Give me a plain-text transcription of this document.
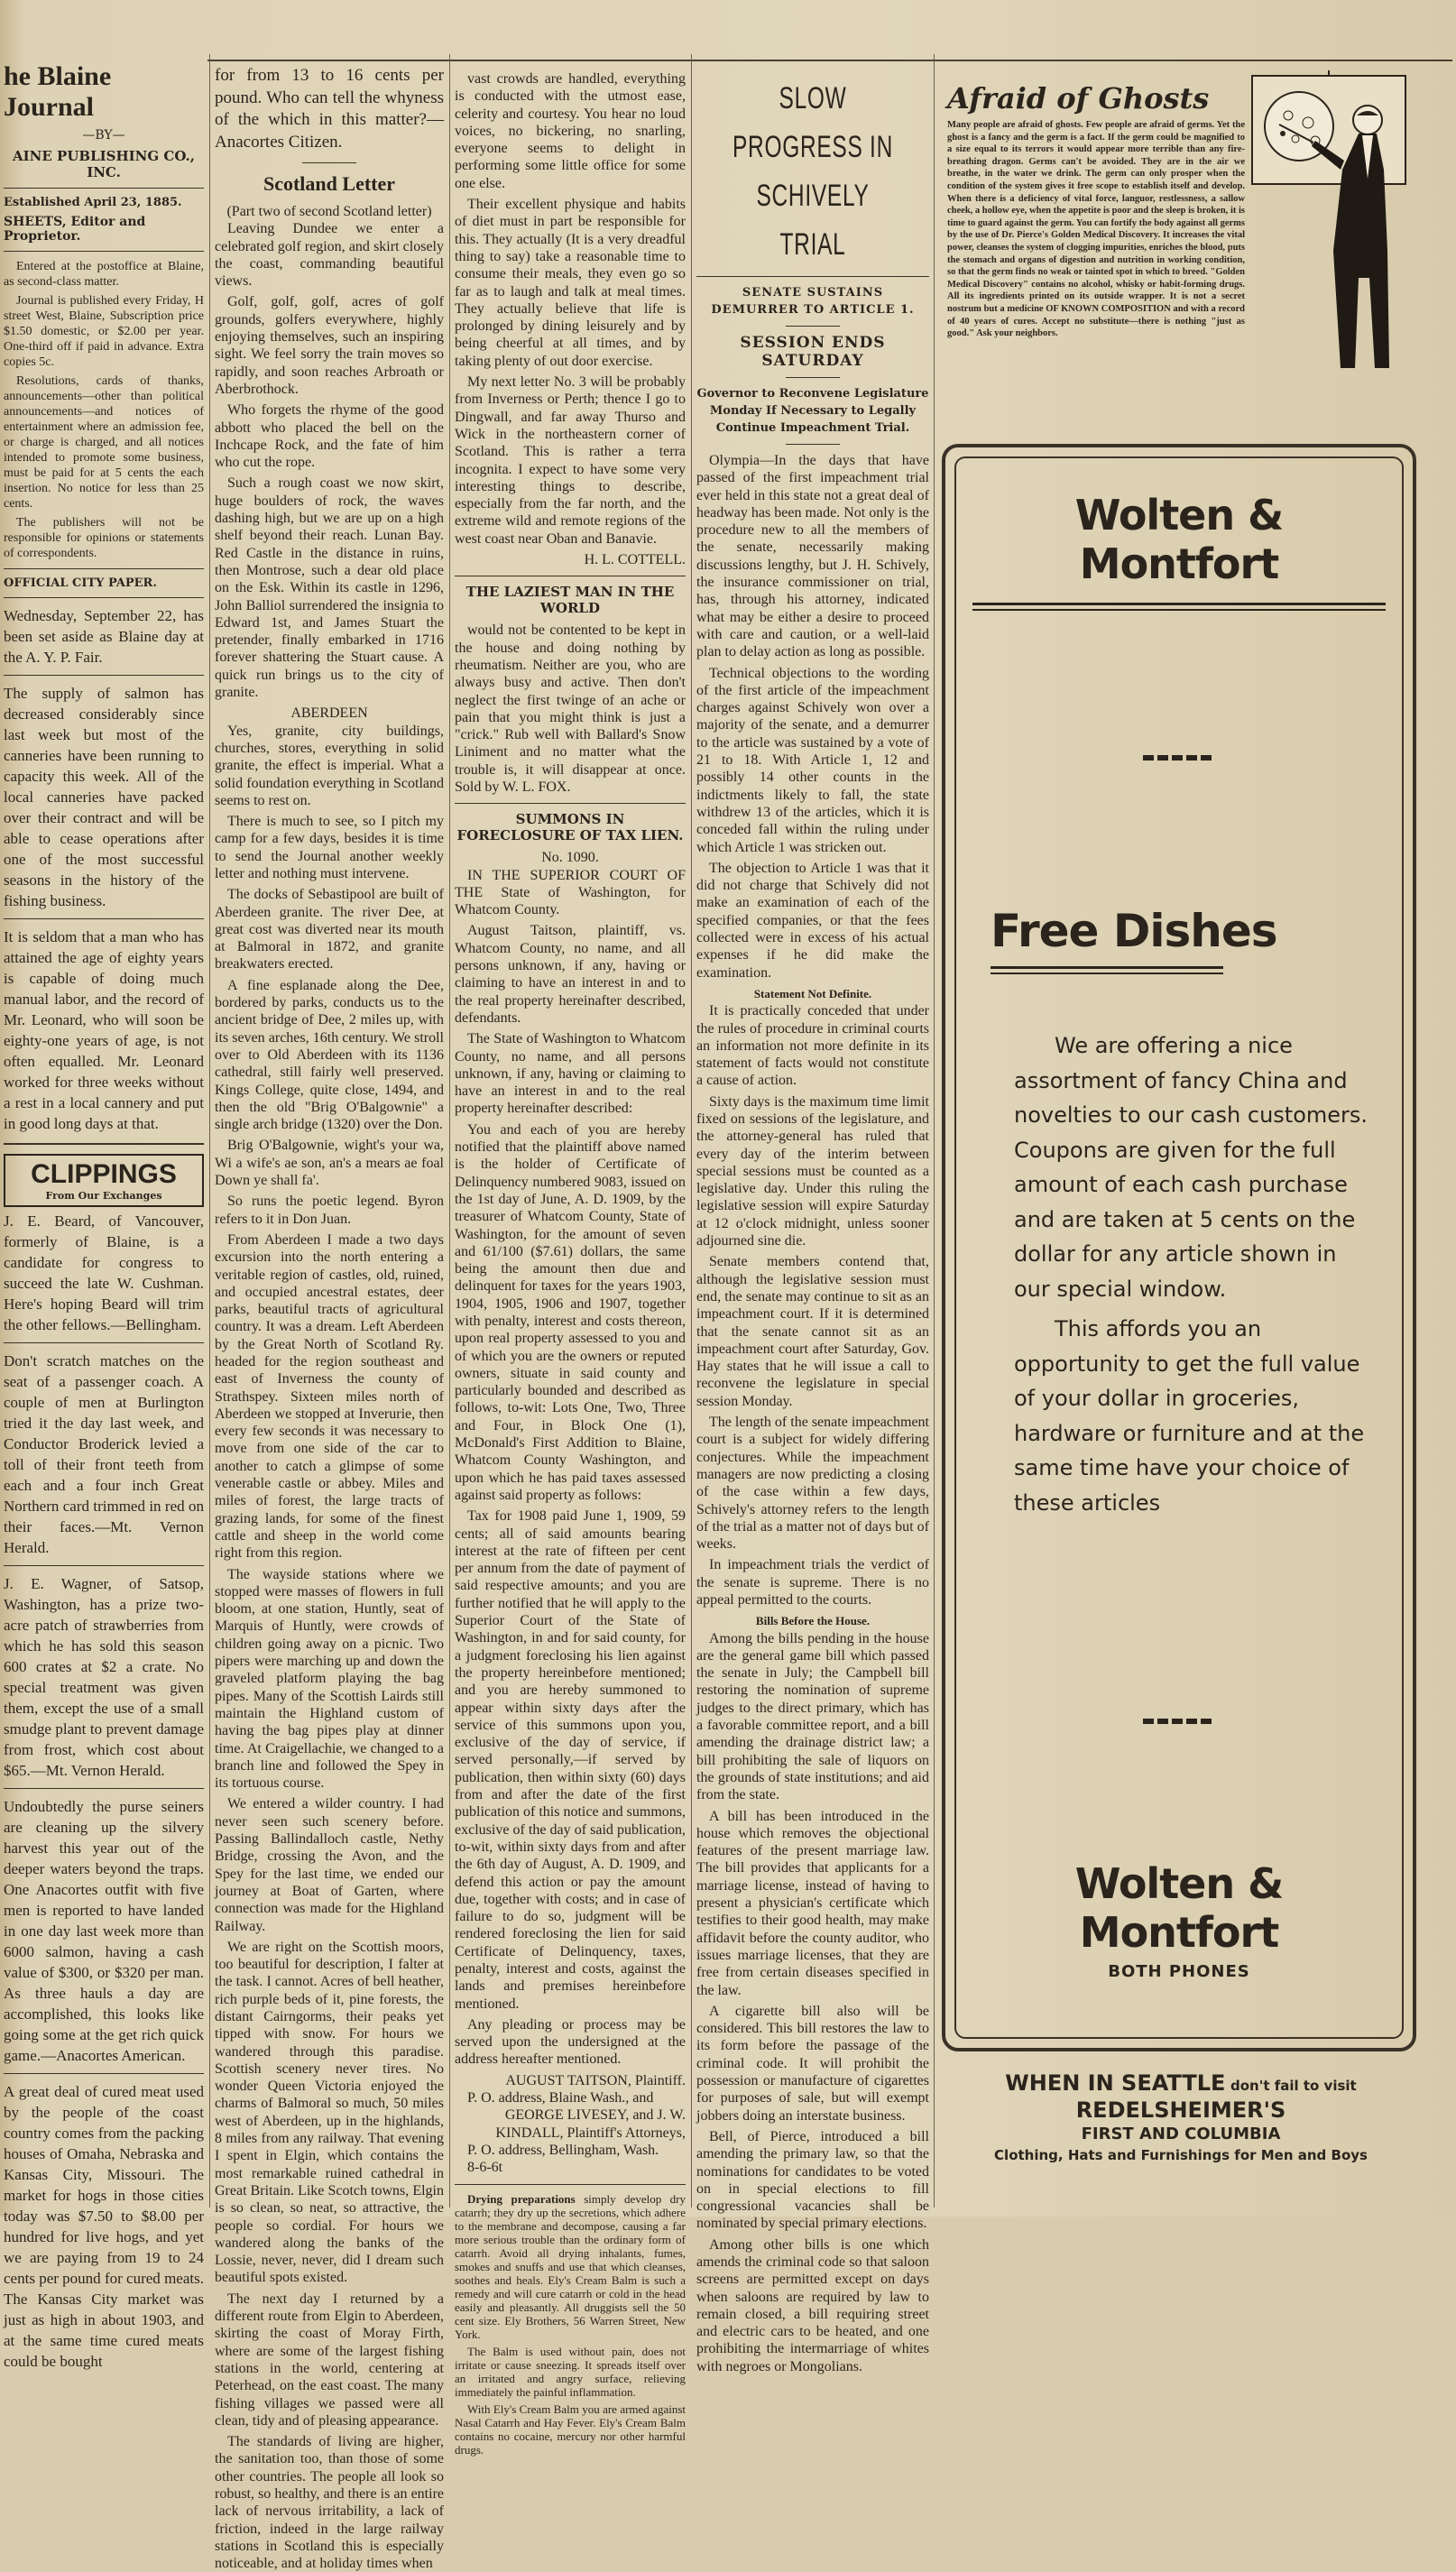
he Blaine Journal
—BY—
AINE PUBLISHING CO., INC.
Established April 23, 1885.
SHEETS, Editor and Proprietor.

Entered at the postoffice at Blaine, as second-class matter.

Journal is published every Friday, H street West, Blaine, Subscription price $1.50 domestic, or $2.00 per year. One-third off if paid in advance. Extra copies 5c.

Resolutions, cards of thanks, announcements—other than political announcements—and notices of entertainment where an admission fee, or charge is charged, and all notices intended to promote some business, must be paid for at 5 cents the each insertion. No notice for less than 25 cents.

The publishers will not be responsible for opinions or statements of correspondents.

OFFICIAL CITY PAPER.

Wednesday, September 22, has been set aside as Blaine day at the A. Y. P. Fair.

The supply of salmon has decreased considerably since last week but most of the canneries have been running to capacity this week. All of the local canneries have packed over their contract and will be able to cease operations after one of the most successful seasons in the history of the fishing business.

It is seldom that a man who has attained the age of eighty years is capable of doing much manual labor, and the record of Mr. Leonard, who will soon be eighty-one years of age, is not often equalled. Mr. Leonard worked for three weeks without a rest in a local cannery and put in good long days at that.

CLIPPINGS
From Our Exchanges

J. E. Beard, of Vancouver, formerly of Blaine, is a candidate for congress to succeed the late W. Cushman. Here's hoping Beard will trim the other fellows.—Bellingham.

Don't scratch matches on the seat of a passenger coach. A couple of men at Burlington tried it the day last week, and Conductor Broderick levied a toll of their front teeth from each and a four inch Great Northern card trimmed in red on their faces.—Mt. Vernon Herald.

J. E. Wagner, of Satsop, Washington, has a prize two-acre patch of strawberries from which he has sold this season 600 crates at $2 a crate. No special treatment was given them, except the use of a small smudge plant to prevent damage from frost, which cost about $65.—Mt. Vernon Herald.

Undoubtedly the purse seiners are cleaning up the silvery harvest this year out of the deeper waters beyond the traps. One Anacortes outfit with five men is reported to have landed in one day last week more than 6000 salmon, having a cash value of $300, or $320 per man. As three hauls a day are accomplished, this looks like going some at the get rich quick game.—Anacortes American.

A great deal of cured meat used by the people of the coast country comes from the packing houses of Omaha, Nebraska and Kansas City, Missouri. The market for hogs in those cities today was $7.50 to $8.00 per hundred for live hogs, and yet we are paying from 19 to 24 cents per pound for cured meats. The Kansas City market was just as high in about 1903, and at the same time cured meats could be bought

for from 13 to 16 cents per pound. Who can tell the whyness of the which in this matter?—Anacortes Citizen.

Scotland Letter
(Part two of second Scotland letter)

Leaving Dundee we enter a celebrated golf region, and skirt closely the coast, commanding beautiful views.

Golf, golf, golf, acres of golf grounds, golfers everywhere, highly enjoying themselves, such an inspiring sight. We feel sorry the train moves so rapidly, and soon reaches Arbroath or Aberbrothock.

Who forgets the rhyme of the good abbott who placed the bell on the Inchcape Rock, and the fate of him who cut the rope.

Such a rough coast we now skirt, huge boulders of rock, the waves dashing high, but we are up on a high shelf beyond their reach. Lunan Bay. Red Castle in the distance in ruins, then Montrose, such a dear old place on the Esk. Within its castle in 1296, John Balliol surrendered the insignia to Edward 1st, and James Stuart the pretender, finally embarked in 1716 forever shattering the Stuart cause. A quick run brings us to the city of granite.

ABERDEEN

Yes, granite, city buildings, churches, stores, everything in solid granite, the effect is imperial. What a solid foundation everything in Scotland seems to rest on.

There is much to see, so I pitch my camp for a few days, besides it is time to send the Journal another weekly letter and nothing must intervene.

The docks of Sebastipool are built of Aberdeen granite. The river Dee, at great cost was diverted near its mouth at Balmoral in 1872, and granite breakwaters erected.

A fine esplanade along the Dee, bordered by parks, conducts us to the ancient bridge of Dee, 2 miles up, with its seven arches, 16th century. We stroll over to Old Aberdeen with its 1136 cathedral, still fairly well preserved. Kings College, quite close, 1494, and then the old "Brig O'Balgownie" a single arch bridge (1320) over the Don.

Brig O'Balgownie, wight's your wa, Wi a wife's ae son, an's a mears ae foal Down ye shall fa'.

So runs the poetic legend. Byron refers to it in Don Juan.

From Aberdeen I made a two days excursion into the north entering a veritable region of castles, old, ruined, and occupied ancestral estates, deer parks, beautiful tracts of agricultural country. It was a dream. Left Aberdeen by the Great North of Scotland Ry. headed for the region southeast and east of Inverness the county of Strathspey. Sixteen miles north of Aberdeen we stopped at Inverurie, then every few seconds it was necessary to move from one side of the car to another to catch a glimpse of some venerable castle or abbey. Miles and miles of forest, the large tracts of grazing lands, for some of the finest cattle and sheep in the world come right from this region.

The wayside stations where we stopped were masses of flowers in full bloom, at one station, Huntly, seat of Marquis of Huntly, were crowds of children going away on a picnic. Two pipers were marching up and down the graveled platform playing the bag pipes. Many of the Scottish Lairds still maintain the Highland custom of having the bag pipes play at dinner time. At Craigellachie, we changed to a branch line and followed the Spey in its tortuous course.

We entered a wilder country. I had never seen such scenery before. Passing Ballindalloch castle, Nethy Bridge, crossing the Avon, and the Spey for the last time, we ended our journey at Boat of Garten, where connection was made for the Highland Railway.

We are right on the Scottish moors, too beautiful for description, I falter at the task. I cannot. Acres of bell heather, rich purple beds of it, pine forests, the distant Cairngorms, their peaks yet tipped with snow. For hours we wandered through this paradise. Scottish scenery never tires. No wonder Queen Victoria enjoyed the charms of Balmoral so much, 50 miles west of Aberdeen, up in the highlands, 8 miles from any railway. That evening I spent in Elgin, which contains the most remarkable ruined cathedral in Great Britain. Like Scotch towns, Elgin is so clean, so neat, so attractive, the people so cordial. For hours we wandered along the banks of the Lossie, never, never, did I dream such beautiful spots existed.

The next day I returned by a different route from Elgin to Aberdeen, skirting the coast of Moray Firth, where are some of the largest fishing stations in the world, centering at Peterhead, on the east coast. The many fishing villages we passed were all clean, tidy and of pleasing appearance.

The standards of living are higher, the sanitation too, than those of some other countries. The people all look so robust, so healthy, and there is an entire lack of nervous irritability, a lack of friction, indeed in the large railway stations in Scotland this is especially noticeable, and at holiday times when

vast crowds are handled, everything is conducted with the utmost ease, celerity and courtesy. You hear no loud voices, no bickering, no snarling, everyone seems to delight in performing some little office for some one else.

Their excellent physique and habits of diet must in part be responsible for this. They actually (It is a very dreadful thing to say) take a reasonable time to consume their meals, they even go so far as to laugh and talk at meal times. They actually believe that life is prolonged by dining leisurely and by being cheerful at all times, and by taking plenty of out door exercise.

My next letter No. 3 will be probably from Inverness or Perth; thence I go to Dingwall, and far away Thurso and Wick in the northeastern corner of Scotland. This is rather a terra incognita. I expect to have some very interesting things to describe, especially from the far north, and the extreme wild and remote regions of the west coast near Oban and Banavie.

H. L. COTTELL.
THE LAZIEST MAN IN THE WORLD

would not be contented to be kept in the house and doing nothing by rheumatism. Neither are you, who are always busy and active. Then don't neglect the first twinge of an ache or pain that you might think is just a "crick." Rub well with Ballard's Snow Liniment and no matter what the trouble is, it will disappear at once. Sold by W. L. FOX.

SUMMONS IN FORECLOSURE OF TAX LIEN.
No. 1090.

IN THE SUPERIOR COURT OF THE State of Washington, for Whatcom County.

August Taitson, plaintiff, vs. Whatcom County, no name, and all persons unknown, if any, having or claiming to have an interest in and to the real property hereinafter described, defendants.

The State of Washington to Whatcom County, no name, and all persons unknown, if any, having or claiming to have an interest in and to the real property hereinafter described:

You and each of you are hereby notified that the plaintiff above named is the holder of Certificate of Delinquency numbered 9083, issued on the 1st day of June, A. D. 1909, by the treasurer of Whatcom County, State of Washington, for the amount of seven and 61/100 ($7.61) dollars, the same being the amount then due and delinquent for taxes for the years 1903, 1904, 1905, 1906 and 1907, together with penalty, interest and costs thereon, upon real property assessed to you and of which you are the owners or reputed owners, situate in said county and particularly bounded and described as follows, to-wit: Lots One, Two, Three and Four, in Block One (1), McDonald's First Addition to Blaine, Whatcom County Washington, and upon which he has paid taxes assessed against said property as follows:

Tax for 1908 paid June 1, 1909, 59 cents; all of said amounts bearing interest at the rate of fifteen per cent per annum from the date of payment of said respective amounts; and you are further notified that he will apply to the Superior Court of the State of Washington, in and for said county, for a judgment foreclosing his lien against the property hereinbefore mentioned; and you are hereby summoned to appear within sixty days after the service of this summons upon you, exclusive of the day of service, if served personally,—if served by publication, then within sixty (60) days from and after the date of the first publication of this notice and summons, exclusive of the day of said publication, to-wit, within sixty days from and after the 6th day of August, A. D. 1909, and defend this action or pay the amount due, together with costs; and in case of failure to do so, judgment will be rendered foreclosing the lien for said Certificate of Delinquency, taxes, penalty, interest and costs, against the lands and premises hereinbefore mentioned.

Any pleading or process may be served upon the undersigned at the address hereafter mentioned.

AUGUST TAITSON, Plaintiff.
P. O. address, Blaine Wash., and
GEORGE LIVESEY, and J. W. KINDALL, Plaintiff's Attorneys,
P. O. address, Bellingham, Wash.
8-6-6t

Drying preparations simply develop dry catarrh; they dry up the secretions, which adhere to the membrane and decompose, causing a far more serious trouble than the ordinary form of catarrh. Avoid all drying inhalants, fumes, smokes and snuffs and use that which cleanses, soothes and heals. Ely's Cream Balm is such a remedy and will cure catarrh or cold in the head easily and pleasantly. All druggists sell the 50 cent size. Ely Brothers, 56 Warren Street, New York.

The Balm is used without pain, does not irritate or cause sneezing. It spreads itself over an irritated and angry surface, relieving immediately the painful inflammation.

With Ely's Cream Balm you are armed against Nasal Catarrh and Hay Fever. Ely's Cream Balm contains no cocaine, mercury nor other harmful drugs.

SLOW PROGRESS IN
SCHIVELY TRIAL
SENATE SUSTAINS DEMURRER TO ARTICLE 1.
SESSION ENDS SATURDAY
Governor to Reconvene Legislature Monday If Necessary to Legally Continue Impeachment Trial.

Olympia—In the days that have passed of the first impeachment trial ever held in this state not a great deal of headway has been made. Not only is the procedure new to all the members of the senate, necessarily making discussions lengthy, but J. H. Schively, the insurance commissioner on trial, has, through his attorney, indicated what may be either a desire to proceed with care and caution, or a well-laid plan to delay action as long as possible.

Technical objections to the wording of the first article of the impeachment charges against Schively won over a majority of the senate, and a demurrer to the article was sustained by a vote of 21 to 18. With Article 1, 12 and possibly 14 other counts in the indictments likely to fall, the state withdrew 13 of the articles, which it is conceded fall within the ruling under which Article 1 was stricken out.

The objection to Article 1 was that it did not charge that Schively did not make an examination of each of the specified companies, or that the fees collected were in excess of his actual expenses if he did make the examination.

Statement Not Definite.

It is practically conceded that under the rules of procedure in criminal courts an information not more definite in its statement of facts would not constitute a cause of action.

Sixty days is the maximum time limit fixed on sessions of the legislature, and the attorney-general has ruled that every day of the interim between special sessions must be counted as a legislative day. Under this ruling the legislative session will expire Saturday at 12 o'clock midnight, unless sooner adjourned sine die.

Senate members contend that, although the legislative session must end, the senate may continue to sit as an impeachment court. If it is determined that the senate cannot sit as an impeachment court after Saturday, Gov. Hay states that he will issue a call to reconvene the legislature in special session Monday.

The length of the senate impeachment court is a subject for widely differing conjectures. While the impeachment managers are now predicting a closing of the case within a few days, Schively's attorney refers to the length of the trial as a matter not of days but of weeks.

In impeachment trials the verdict of the senate is supreme. There is no appeal permitted to the courts.

Bills Before the House.

Among the bills pending in the house are the general game bill which passed the senate in July; the Campbell bill restoring the nomination of supreme judges to the direct primary, which has a favorable committee report, and a bill amending the drainage district law; a bill prohibiting the sale of liquors on the grounds of state institutions; and aid from the state.

A bill has been introduced in the house which removes the objectional features of the present marriage law. The bill provides that applicants for a marriage license, instead of having to present a physician's certificate which testifies to their good health, may make affidavit before the county auditor, who issues marriage licenses, that they are free from certain diseases specified in the law.

A cigarette bill also will be considered. This bill restores the law to its form before the passage of the criminal code. It will prohibit the possession or manufacture of cigarettes for purposes of sale, but will exempt jobbers doing an interstate business.

Bell, of Pierce, introduced a bill amending the primary law, so that the nominations for candidates to be voted on in special elections to fill congressional vacancies shall be nominated by special primary elections.

Among other bills is one which amends the criminal code so that saloon screens are permitted except on days when saloons are required by law to remain closed, a bill requiring street and electric cars to be heated, and one prohibiting the intermarriage of whites with negroes or Mongolians.

Afraid of Ghosts

Many people are afraid of ghosts. Few people are afraid of germs. Yet the ghost is a fancy and the germ is a fact. If the germ could be magnified to a size equal to its terrors it would appear more terrible than any fire-breathing dragon. Germs can't be avoided. They are in the air we breathe, in the water we drink. The germ can only prosper when the condition of the system gives it free scope to establish itself and develop. When there is a deficiency of vital force, languor, restlessness, a sallow cheek, a hollow eye, when the appetite is poor and the sleep is broken, it is time to guard against the germ. You can fortify the body against all germs by the use of Dr. Pierce's Golden Medical Discovery. It increases the vital power, cleanses the system of clogging impurities, enriches the blood, puts the stomach and organs of digestion and nutrition in working condition, so that the germ finds no weak or tainted spot in which to breed. "Golden Medical Discovery" contains no alcohol, whisky or habit-forming drugs. All its ingredients printed on its outside wrapper. It is not a secret nostrum but a medicine OF KNOWN COMPOSITION and with a record of 40 years of cures. Accept no substitute—there is nothing "just as good." Ask your neighbors.

Wolten & Montfort
Free Dishes

We are offering a nice assortment of fancy China and novelties to our cash customers. Coupons are given for the full amount of each cash purchase and are taken at 5 cents on the dollar for any article shown in our special window.

This affords you an opportunity to get the full value of your dollar in groceries, hardware or furniture and at the same time have your choice of these articles

Wolten & Montfort
BOTH PHONES
WHEN IN SEATTLE don't fail to visit
REDELSHEIMER'S
FIRST AND COLUMBIA
Clothing, Hats and Furnishings for Men and Boys
